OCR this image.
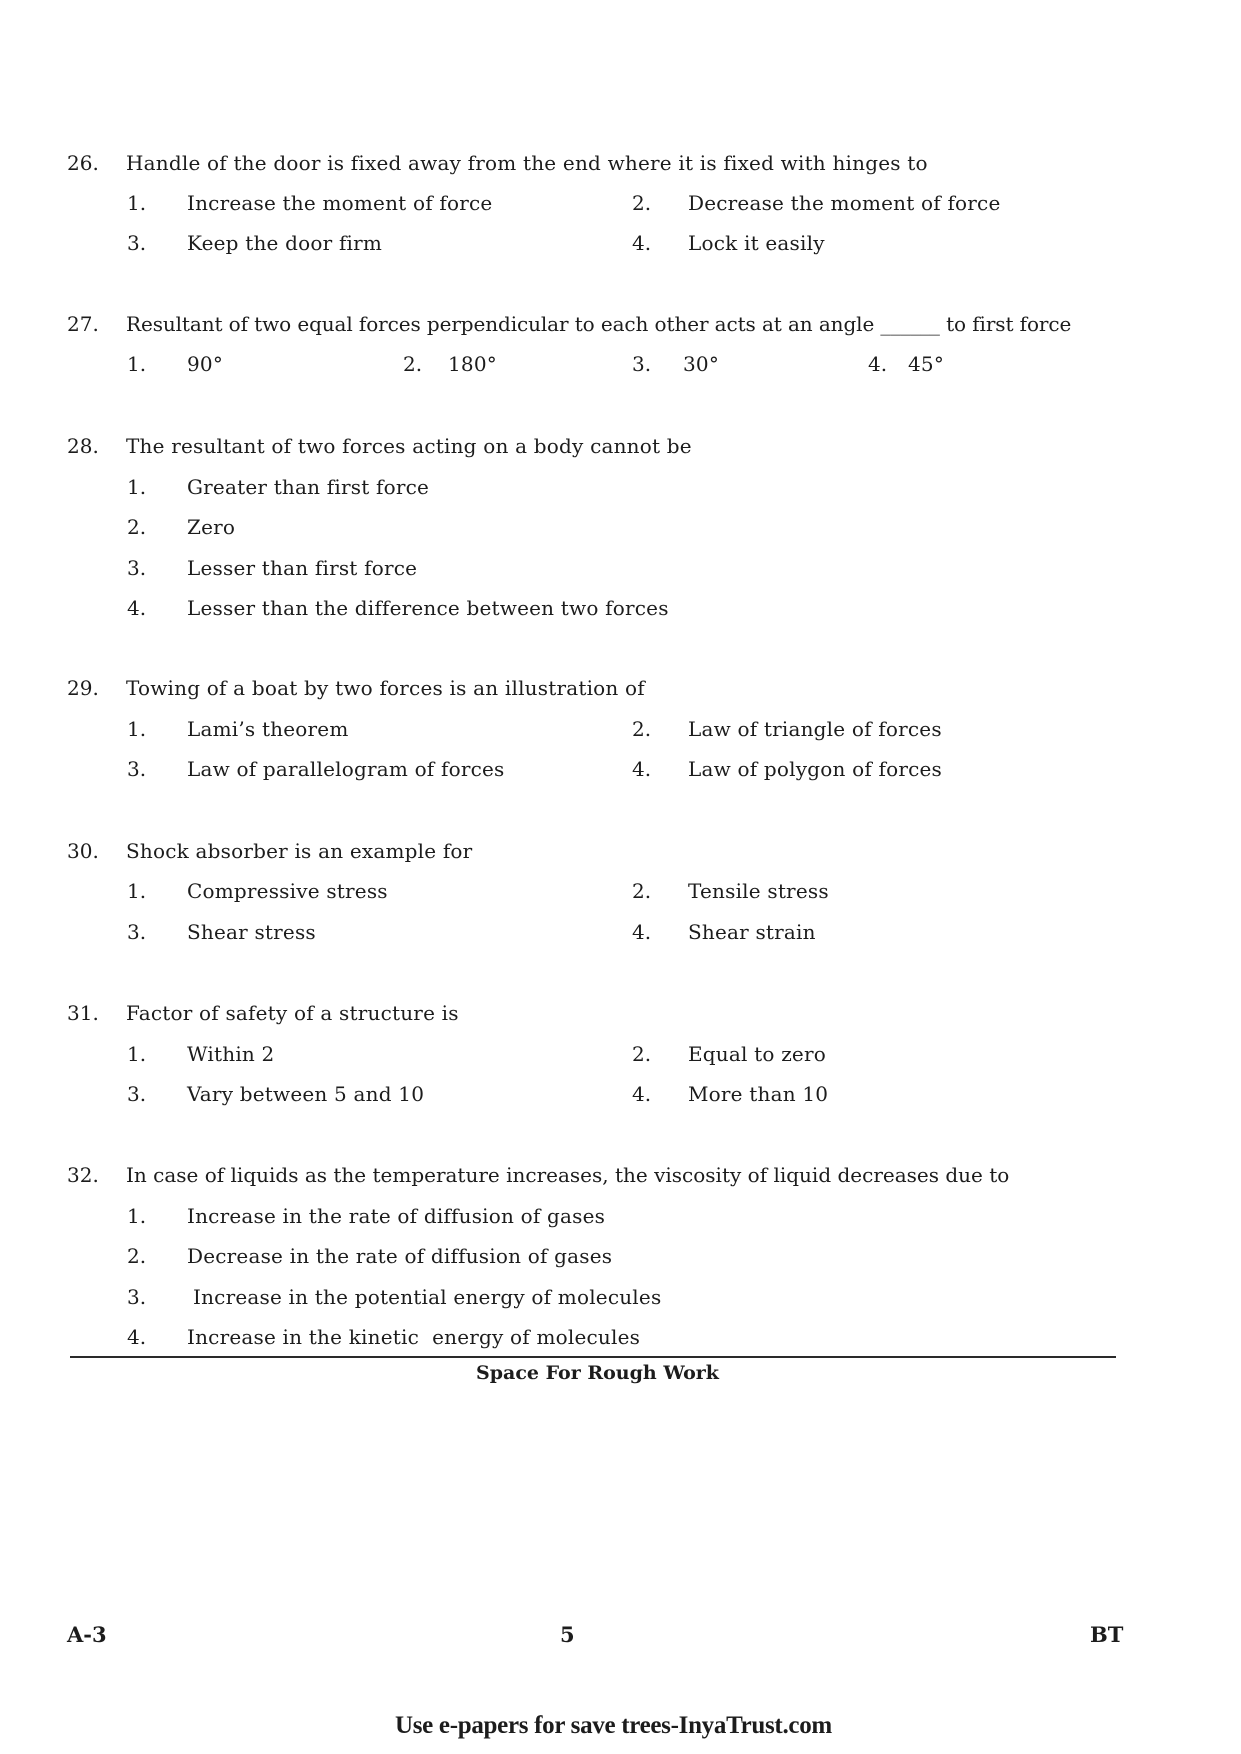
26. Handle of the door is fixed away from the end where it is fixed with hinges to
1. Increase the moment of force	2. Decrease the moment of force
3. Keep the door firm	4. Lock it easily
27. Resultant of two equal forces perpendicular to each other acts at an angle ______ to first force
1. 90°	2. 180°	3. 30°	4. 45°
28. The resultant of two forces acting on a body cannot be
1. Greater than first force
2. Zero
3. Lesser than first force
4. Lesser than the difference between two forces
29. Towing of a boat by two forces is an illustration of
1. Lami’s theorem	2. Law of triangle of forces
3. Law of parallelogram of forces	4. Law of polygon of forces
30. Shock absorber is an example for
1. Compressive stress	2. Tensile stress
3. Shear stress	4. Shear strain
31. Factor of safety of a structure is
1. Within 2	2. Equal to zero
3. Vary between 5 and 10	4. More than 10
32. In case of liquids as the temperature increases, the viscosity of liquid decreases due to
1. Increase in the rate of diffusion of gases
2. Decrease in the rate of diffusion of gases
3. Increase in the potential energy of molecules
4. Increase in the kinetic  energy of molecules
Space For Rough Work
A-3	5	BT
Use e-papers for save trees-InyaTrust.com
